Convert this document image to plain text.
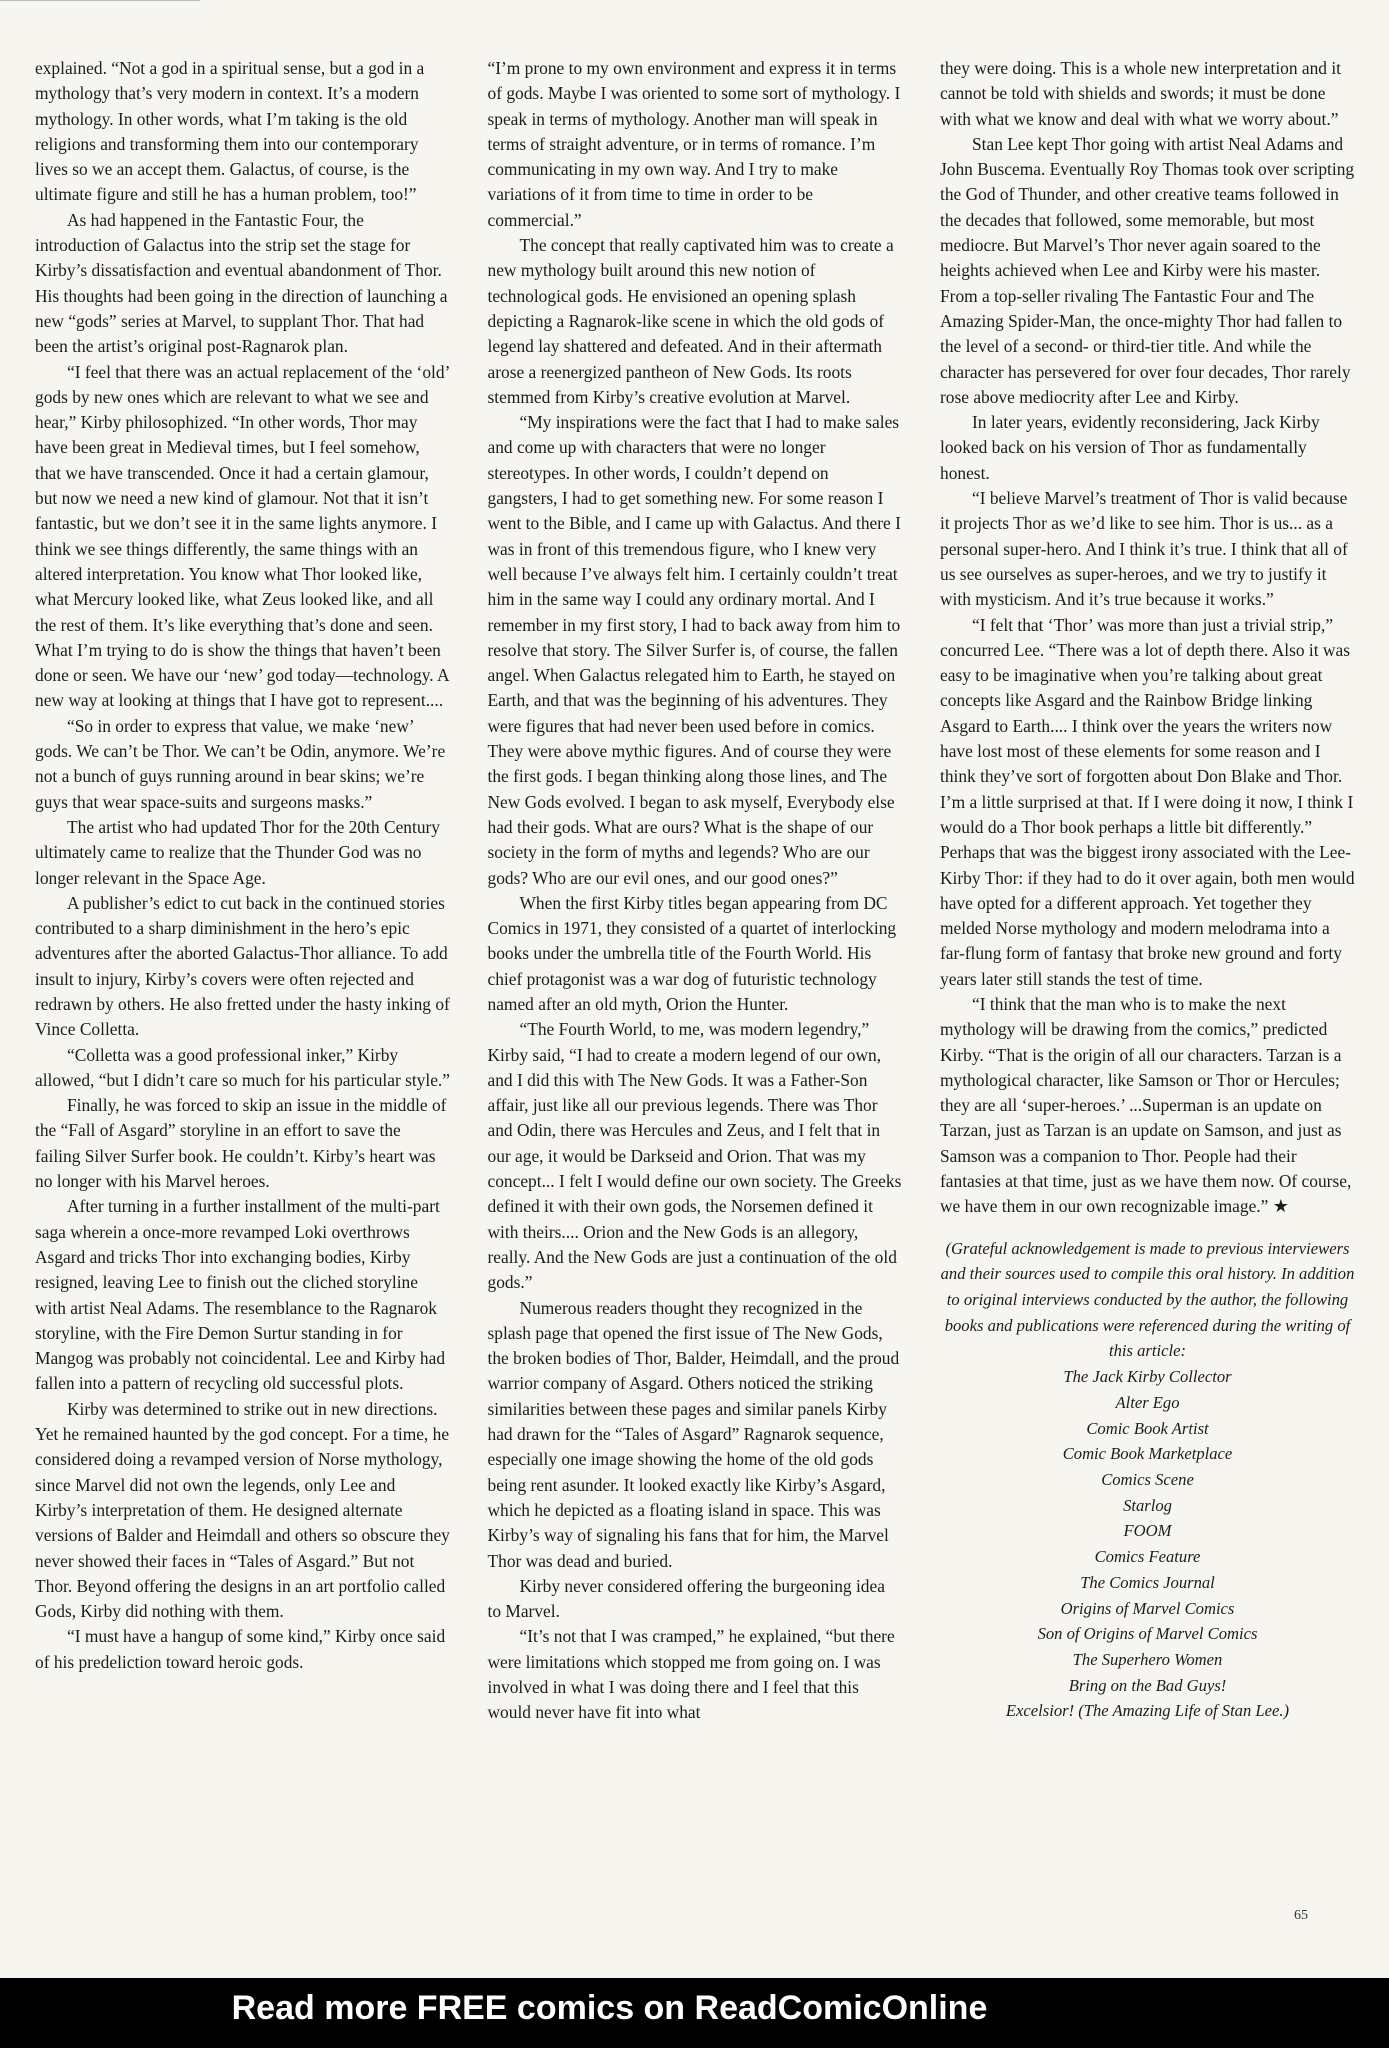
explained. “Not a god in a spiritual sense, but a god in a mythology that’s very modern in context. It’s a modern mythology. In other words, what I’m taking is the old religions and transforming them into our contemporary lives so we an accept them. Galactus, of course, is the ultimate figure and still he has a human problem, too!”

As had happened in the Fantastic Four, the introduction of Galactus into the strip set the stage for Kirby’s dissatisfaction and eventual abandonment of Thor. His thoughts had been going in the direction of launching a new “gods” series at Marvel, to supplant Thor. That had been the artist’s original post-Ragnarok plan.

“I feel that there was an actual replacement of the ‘old’ gods by new ones which are relevant to what we see and hear,” Kirby philosophized. “In other words, Thor may have been great in Medieval times, but I feel somehow, that we have transcended. Once it had a certain glamour, but now we need a new kind of glamour. Not that it isn’t fantastic, but we don’t see it in the same lights anymore. I think we see things differently, the same things with an altered interpretation. You know what Thor looked like, what Mercury looked like, what Zeus looked like, and all the rest of them. It’s like everything that’s done and seen. What I’m trying to do is show the things that haven’t been done or seen. We have our ‘new’ god today—technology. A new way at looking at things that I have got to represent....

“So in order to express that value, we make ‘new’ gods. We can’t be Thor. We can’t be Odin, anymore. We’re not a bunch of guys running around in bear skins; we’re guys that wear space-suits and surgeons masks.”

The artist who had updated Thor for the 20th Century ultimately came to realize that the Thunder God was no longer relevant in the Space Age.

A publisher’s edict to cut back in the continued stories contributed to a sharp diminishment in the hero’s epic adventures after the aborted Galactus-Thor alliance. To add insult to injury, Kirby’s covers were often rejected and redrawn by others. He also fretted under the hasty inking of Vince Colletta.

“Colletta was a good professional inker,” Kirby allowed, “but I didn’t care so much for his particular style.”

Finally, he was forced to skip an issue in the middle of the “Fall of Asgard” storyline in an effort to save the failing Silver Surfer book. He couldn’t. Kirby’s heart was no longer with his Marvel heroes.

After turning in a further installment of the multi-part saga wherein a once-more revamped Loki overthrows Asgard and tricks Thor into exchanging bodies, Kirby resigned, leaving Lee to finish out the cliched storyline with artist Neal Adams. The resemblance to the Ragnarok storyline, with the Fire Demon Surtur standing in for Mangog was probably not coincidental. Lee and Kirby had fallen into a pattern of recycling old successful plots.

Kirby was determined to strike out in new directions. Yet he remained haunted by the god concept. For a time, he considered doing a revamped version of Norse mythology, since Marvel did not own the legends, only Lee and Kirby’s interpretation of them. He designed alternate versions of Balder and Heimdall and others so obscure they never showed their faces in “Tales of Asgard.” But not Thor. Beyond offering the designs in an art portfolio called Gods, Kirby did nothing with them.

“I must have a hangup of some kind,” Kirby once said of his predeliction toward heroic gods.

“I’m prone to my own environment and express it in terms of gods. Maybe I was oriented to some sort of mythology. I speak in terms of mythology. Another man will speak in terms of straight adventure, or in terms of romance. I’m communicating in my own way. And I try to make variations of it from time to time in order to be commercial.”

The concept that really captivated him was to create a new mythology built around this new notion of technological gods. He envisioned an opening splash depicting a Ragnarok-like scene in which the old gods of legend lay shattered and defeated. And in their aftermath arose a reenergized pantheon of New Gods. Its roots stemmed from Kirby’s creative evolution at Marvel.

“My inspirations were the fact that I had to make sales and come up with characters that were no longer stereotypes. In other words, I couldn’t depend on gangsters, I had to get something new. For some reason I went to the Bible, and I came up with Galactus. And there I was in front of this tremendous figure, who I knew very well because I’ve always felt him. I certainly couldn’t treat him in the same way I could any ordinary mortal. And I remember in my first story, I had to back away from him to resolve that story. The Silver Surfer is, of course, the fallen angel. When Galactus relegated him to Earth, he stayed on Earth, and that was the beginning of his adventures. They were figures that had never been used before in comics. They were above mythic figures. And of course they were the first gods. I began thinking along those lines, and The New Gods evolved. I began to ask myself, Everybody else had their gods. What are ours? What is the shape of our society in the form of myths and legends? Who are our gods? Who are our evil ones, and our good ones?”

When the first Kirby titles began appearing from DC Comics in 1971, they consisted of a quartet of interlocking books under the umbrella title of the Fourth World. His chief protagonist was a war dog of futuristic technology named after an old myth, Orion the Hunter.

“The Fourth World, to me, was modern legendry,” Kirby said, “I had to create a modern legend of our own, and I did this with The New Gods. It was a Father-Son affair, just like all our previous legends. There was Thor and Odin, there was Hercules and Zeus, and I felt that in our age, it would be Darkseid and Orion. That was my concept... I felt I would define our own society. The Greeks defined it with their own gods, the Norsemen defined it with theirs.... Orion and the New Gods is an allegory, really. And the New Gods are just a continuation of the old gods.”

Numerous readers thought they recognized in the splash page that opened the first issue of The New Gods, the broken bodies of Thor, Balder, Heimdall, and the proud warrior company of Asgard. Others noticed the striking similarities between these pages and similar panels Kirby had drawn for the “Tales of Asgard” Ragnarok sequence, especially one image showing the home of the old gods being rent asunder. It looked exactly like Kirby’s Asgard, which he depicted as a floating island in space. This was Kirby’s way of signaling his fans that for him, the Marvel Thor was dead and buried.

Kirby never considered offering the burgeoning idea to Marvel.

“It’s not that I was cramped,” he explained, “but there were limitations which stopped me from going on. I was involved in what I was doing there and I feel that this would never have fit into what

they were doing. This is a whole new interpretation and it cannot be told with shields and swords; it must be done with what we know and deal with what we worry about.”

Stan Lee kept Thor going with artist Neal Adams and John Buscema. Eventually Roy Thomas took over scripting the God of Thunder, and other creative teams followed in the decades that followed, some memorable, but most mediocre. But Marvel’s Thor never again soared to the heights achieved when Lee and Kirby were his master. From a top-seller rivaling The Fantastic Four and The Amazing Spider-Man, the once-mighty Thor had fallen to the level of a second- or third-tier title. And while the character has persevered for over four decades, Thor rarely rose above mediocrity after Lee and Kirby.

In later years, evidently reconsidering, Jack Kirby looked back on his version of Thor as fundamentally honest.

“I believe Marvel’s treatment of Thor is valid because it projects Thor as we’d like to see him. Thor is us... as a personal super-hero. And I think it’s true. I think that all of us see ourselves as super-heroes, and we try to justify it with mysticism. And it’s true because it works.”

“I felt that ‘Thor’ was more than just a trivial strip,” concurred Lee. “There was a lot of depth there. Also it was easy to be imaginative when you’re talking about great concepts like Asgard and the Rainbow Bridge linking Asgard to Earth.... I think over the years the writers now have lost most of these elements for some reason and I think they’ve sort of forgotten about Don Blake and Thor. I’m a little surprised at that. If I were doing it now, I think I would do a Thor book perhaps a little bit differently.” Perhaps that was the biggest irony associated with the Lee-Kirby Thor: if they had to do it over again, both men would have opted for a different approach. Yet together they melded Norse mythology and modern melodrama into a far-flung form of fantasy that broke new ground and forty years later still stands the test of time.

“I think that the man who is to make the next mythology will be drawing from the comics,” predicted Kirby. “That is the origin of all our characters. Tarzan is a mythological character, like Samson or Thor or Hercules; they are all ‘super-heroes.’ ...Superman is an update on Tarzan, just as Tarzan is an update on Samson, and just as Samson was a companion to Thor. People had their fantasies at that time, just as we have them now. Of course, we have them in our own recognizable image.” ★

(Grateful acknowledgement is made to previous interviewers and their sources used to compile this oral history. In addition to original interviews conducted by the author, the following books and publications were referenced during the writing of this article:
The Jack Kirby Collector
Alter Ego
Comic Book Artist
Comic Book Marketplace
Comics Scene
Starlog
FOOM
Comics Feature
The Comics Journal
Origins of Marvel Comics
Son of Origins of Marvel Comics
The Superhero Women
Bring on the Bad Guys!
Excelsior! (The Amazing Life of Stan Lee.)
65
Read more FREE comics on ReadComicOnline
